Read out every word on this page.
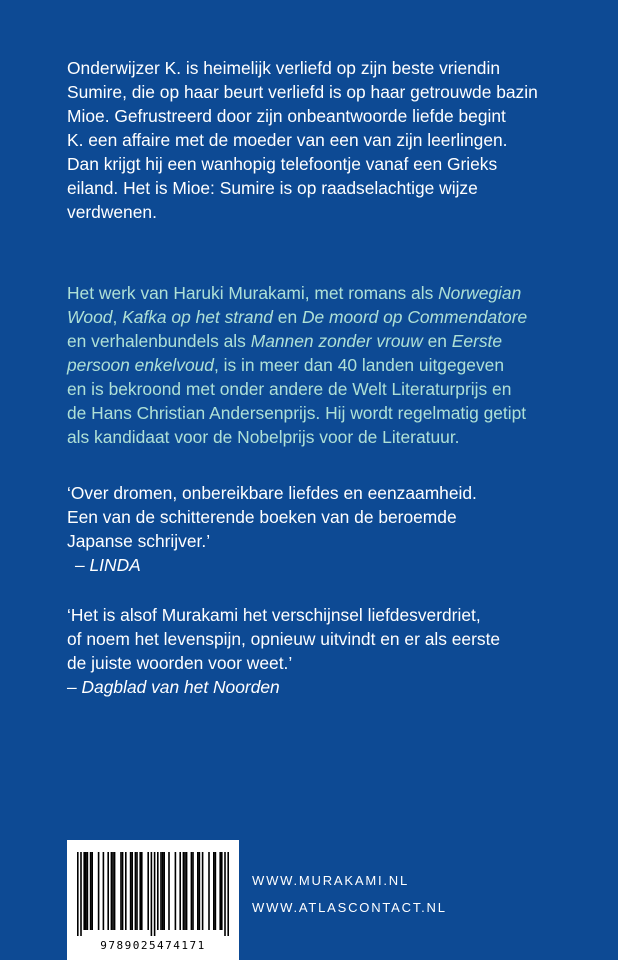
Onderwijzer K. is heimelijk verliefd op zijn beste vriendin
Sumire, die op haar beurt verliefd is op haar getrouwde bazin
Mioe. Gefrustreerd door zijn onbeantwoorde liefde begint
K. een affaire met de moeder van een van zijn leerlingen.
Dan krijgt hij een wanhopig telefoontje vanaf een Grieks
eiland. Het is Mioe: Sumire is op raadselachtige wijze
verdwenen.
Het werk van Haruki Murakami, met romans als Norwegian
Wood, Kafka op het strand en De moord op Commendatore
en verhalenbundels als Mannen zonder vrouw en Eerste
persoon enkelvoud, is in meer dan 40 landen uitgegeven
en is bekroond met onder andere de Welt Literaturprijs en
de Hans Christian Andersenprijs. Hij wordt regelmatig getipt
als kandidaat voor de Nobelprijs voor de Literatuur.
‘Over dromen, onbereikbare liefdes en eenzaamheid.
Een van de schitterende boeken van de beroemde
Japanse schrijver.’
– LINDA
‘Het is alsof Murakami het verschijnsel liefdesverdriet,
of noem het levenspijn, opnieuw uitvindt en er als eerste
de juiste woorden voor weet.’
– Dagblad van het Noorden
9789025474171
WWW.MURAKAMI.NL
WWW.ATLASCONTACT.NL
